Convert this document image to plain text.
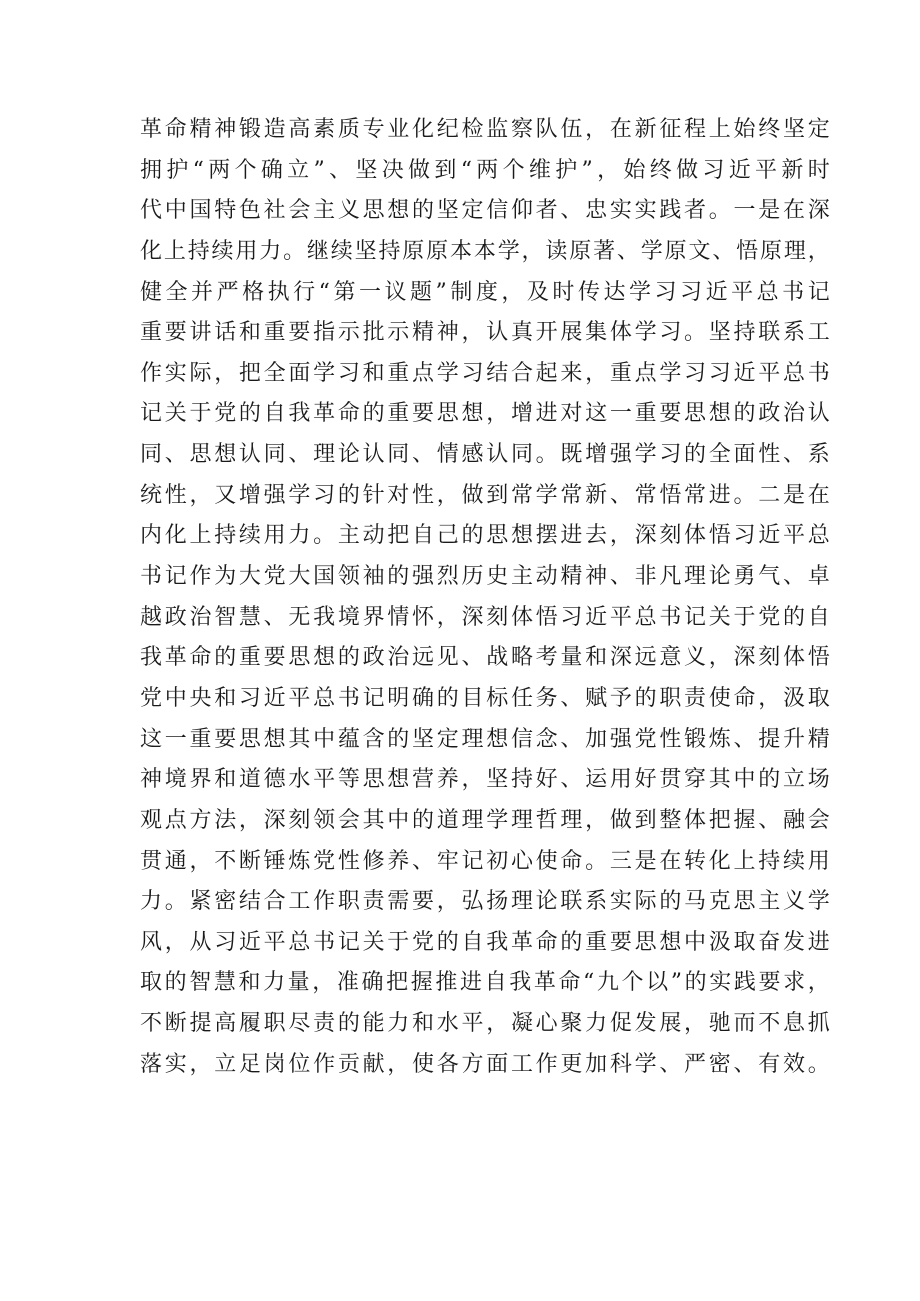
革命精神锻造高素质专业化纪检监察队伍，在新征程上始终坚定
拥护“两个确立”、坚决做到“两个维护”，始终做习近平新时
代中国特色社会主义思想的坚定信仰者、忠实实践者。一是在深
化上持续用力。继续坚持原原本本学，读原著、学原文、悟原理，
健全并严格执行“第一议题”制度，及时传达学习习近平总书记
重要讲话和重要指示批示精神，认真开展集体学习。坚持联系工
作实际，把全面学习和重点学习结合起来，重点学习习近平总书
记关于党的自我革命的重要思想，增进对这一重要思想的政治认
同、思想认同、理论认同、情感认同。既增强学习的全面性、系
统性，又增强学习的针对性，做到常学常新、常悟常进。二是在
内化上持续用力。主动把自己的思想摆进去，深刻体悟习近平总
书记作为大党大国领袖的强烈历史主动精神、非凡理论勇气、卓
越政治智慧、无我境界情怀，深刻体悟习近平总书记关于党的自
我革命的重要思想的政治远见、战略考量和深远意义，深刻体悟
党中央和习近平总书记明确的目标任务、赋予的职责使命，汲取
这一重要思想其中蕴含的坚定理想信念、加强党性锻炼、提升精
神境界和道德水平等思想营养，坚持好、运用好贯穿其中的立场
观点方法，深刻领会其中的道理学理哲理，做到整体把握、融会
贯通，不断锤炼党性修养、牢记初心使命。三是在转化上持续用
力。紧密结合工作职责需要，弘扬理论联系实际的马克思主义学
风，从习近平总书记关于党的自我革命的重要思想中汲取奋发进
取的智慧和力量，准确把握推进自我革命“九个以”的实践要求，
不断提高履职尽责的能力和水平，凝心聚力促发展，驰而不息抓
落实，立足岗位作贡献，使各方面工作更加科学、严密、有效。
